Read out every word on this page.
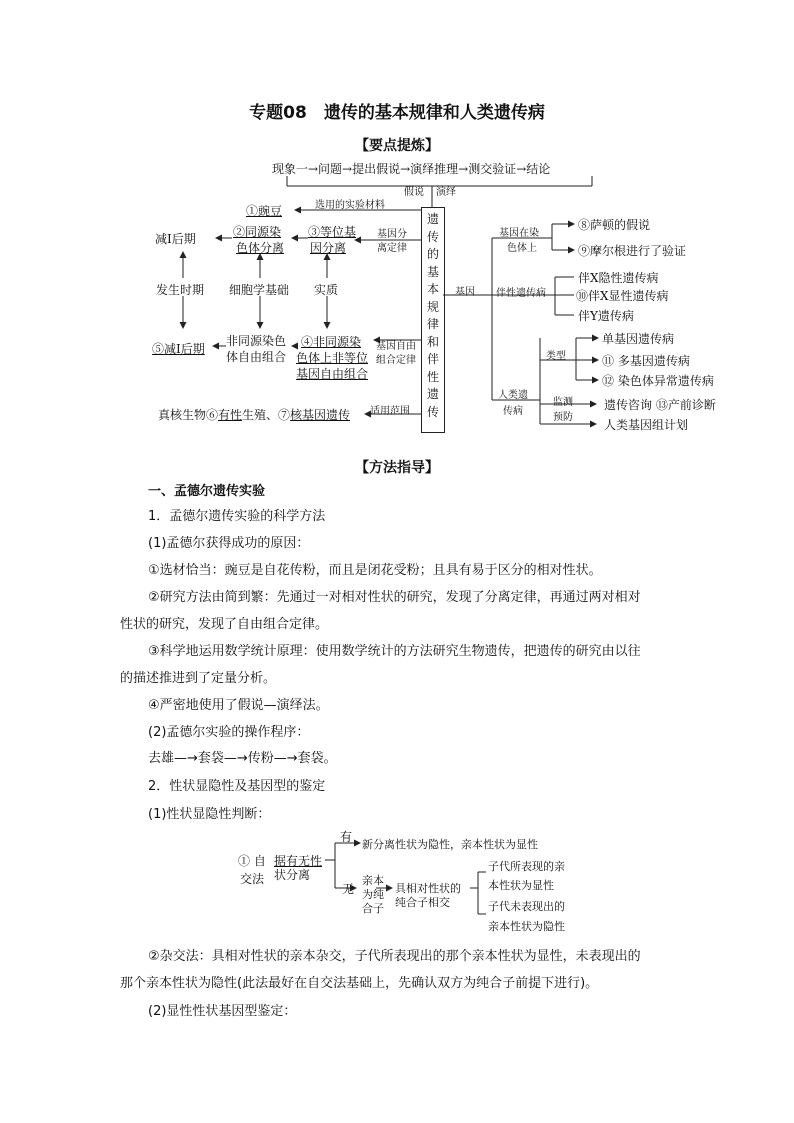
专题08　遗传的基本规律和人类遗传病
【要点提炼】
现象一→问题→提出假说→演绎推理→测交验证→结论
假说 演绎
遗传的基本规律和伴性遗传
基因
选用的实验材料
①豌豆
基因分
离定律
③等位基
因分离
②同源染
色体分离
减Ⅰ后期
发生时期 细胞学基础 实质
⑤减Ⅰ后期
非同源染色
体自由组合
④非同源染
色体上非等位
基因自由组合
基因自由
组合定律
真核生物⑥有性生殖、⑦核基因遗传 适用范围
基因在染
色体上
⑧萨顿的假说
⑨摩尔根进行了验证
伴性遗传病
伴X隐性遗传病
⑩伴X显性遗传病
伴Y遗传病
类型
单基因遗传病
⑪ 多基因遗传病
⑫ 染色体异常遗传病
人类遗
传病
监测
预防
遗传咨询 ⑬产前诊断
人类基因组计划
【方法指导】
一、孟德尔遗传实验
1．孟德尔遗传实验的科学方法
(1)孟德尔获得成功的原因：
①选材恰当：豌豆是自花传粉，而且是闭花受粉；且具有易于区分的相对性状。
②研究方法由简到繁：先通过一对相对性状的研究，发现了分离定律，再通过两对相对
性状的研究，发现了自由组合定律。
③科学地运用数学统计原理：使用数学统计的方法研究生物遗传，把遗传的研究由以往
的描述推进到了定量分析。
④严密地使用了假说—演绎法。
(2)孟德尔实验的操作程序：
去雄—→套袋—→传粉—→套袋。
2．性状显隐性及基因型的鉴定
(1)性状显隐性判断：
① 自
交法
据有无性
状分离
有
新分离性状为隐性，亲本性状为显性
无
亲本
为纯
合子
具相对性状的
纯合子相交
子代所表现的亲
本性状为显性
子代未表现出的
亲本性状为隐性
②杂交法：具相对性状的亲本杂交，子代所表现出的那个亲本性状为显性，未表现出的
那个亲本性状为隐性(此法最好在自交法基础上，先确认双方为纯合子前提下进行)。
(2)显性性状基因型鉴定：
